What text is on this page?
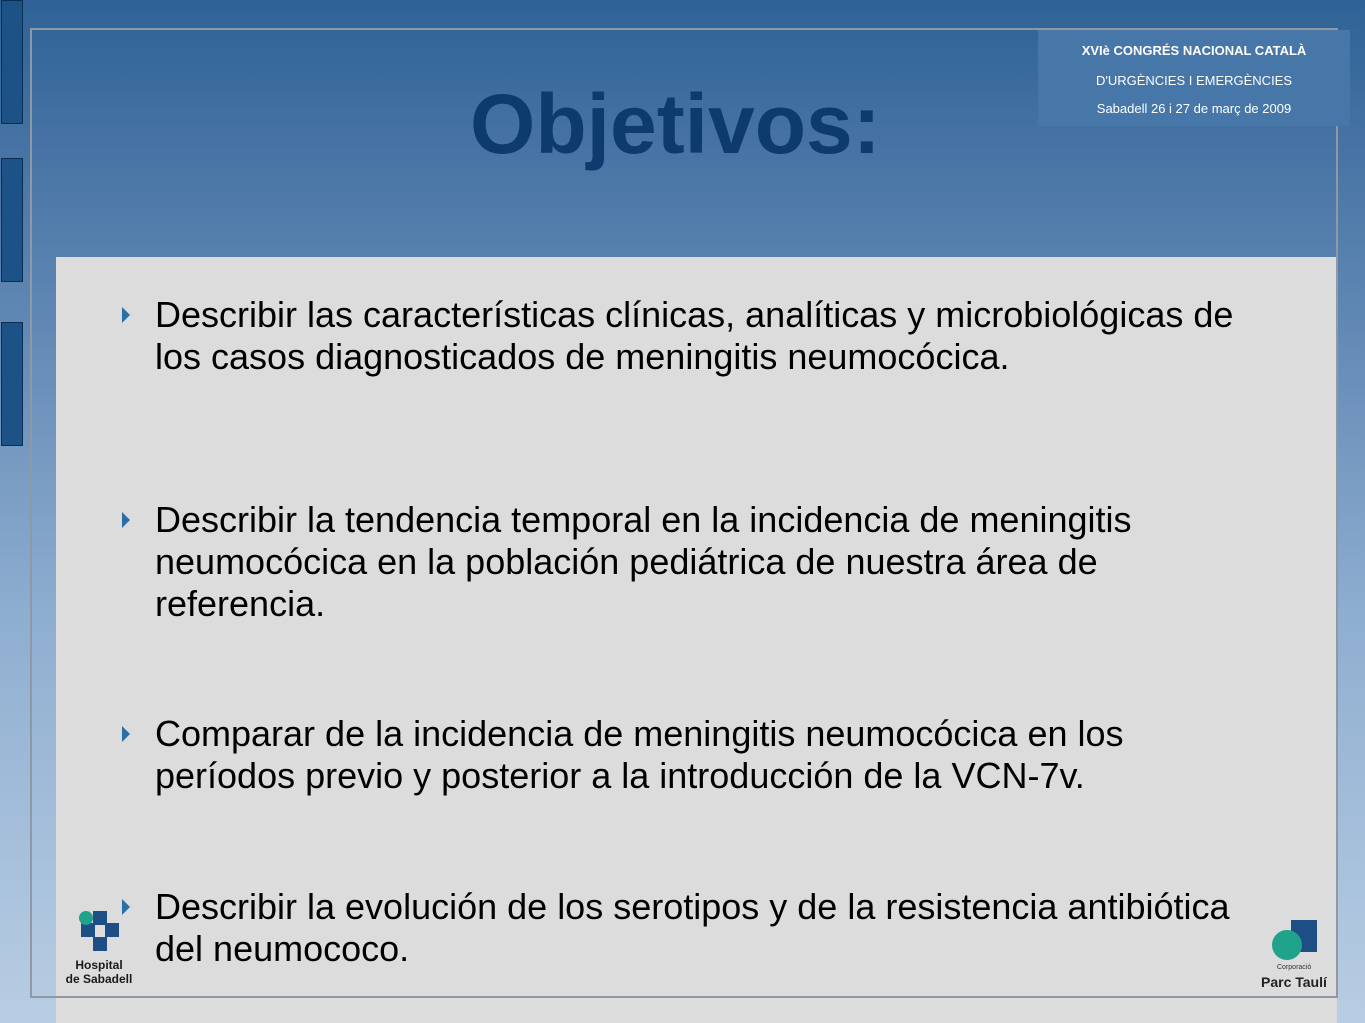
Objetivos:
XVIè CONGRÉS NACIONAL CATALÀ
D'URGÈNCIES I EMERGÈNCIES
Sabadell 26 i 27 de març de 2009
Describir las características clínicas, analíticas y microbiológicas de los casos diagnosticados de meningitis neumocócica.
Describir la tendencia temporal en la incidencia de meningitis neumocócica en la población pediátrica de nuestra área de referencia.
Comparar de la incidencia de meningitis neumocócica en los períodos previo y posterior a la introducción de la VCN-7v.
Describir la evolución de los serotipos y de la resistencia antibiótica del neumococo.
Hospital
de Sabadell
Corporació
Parc Taulí
